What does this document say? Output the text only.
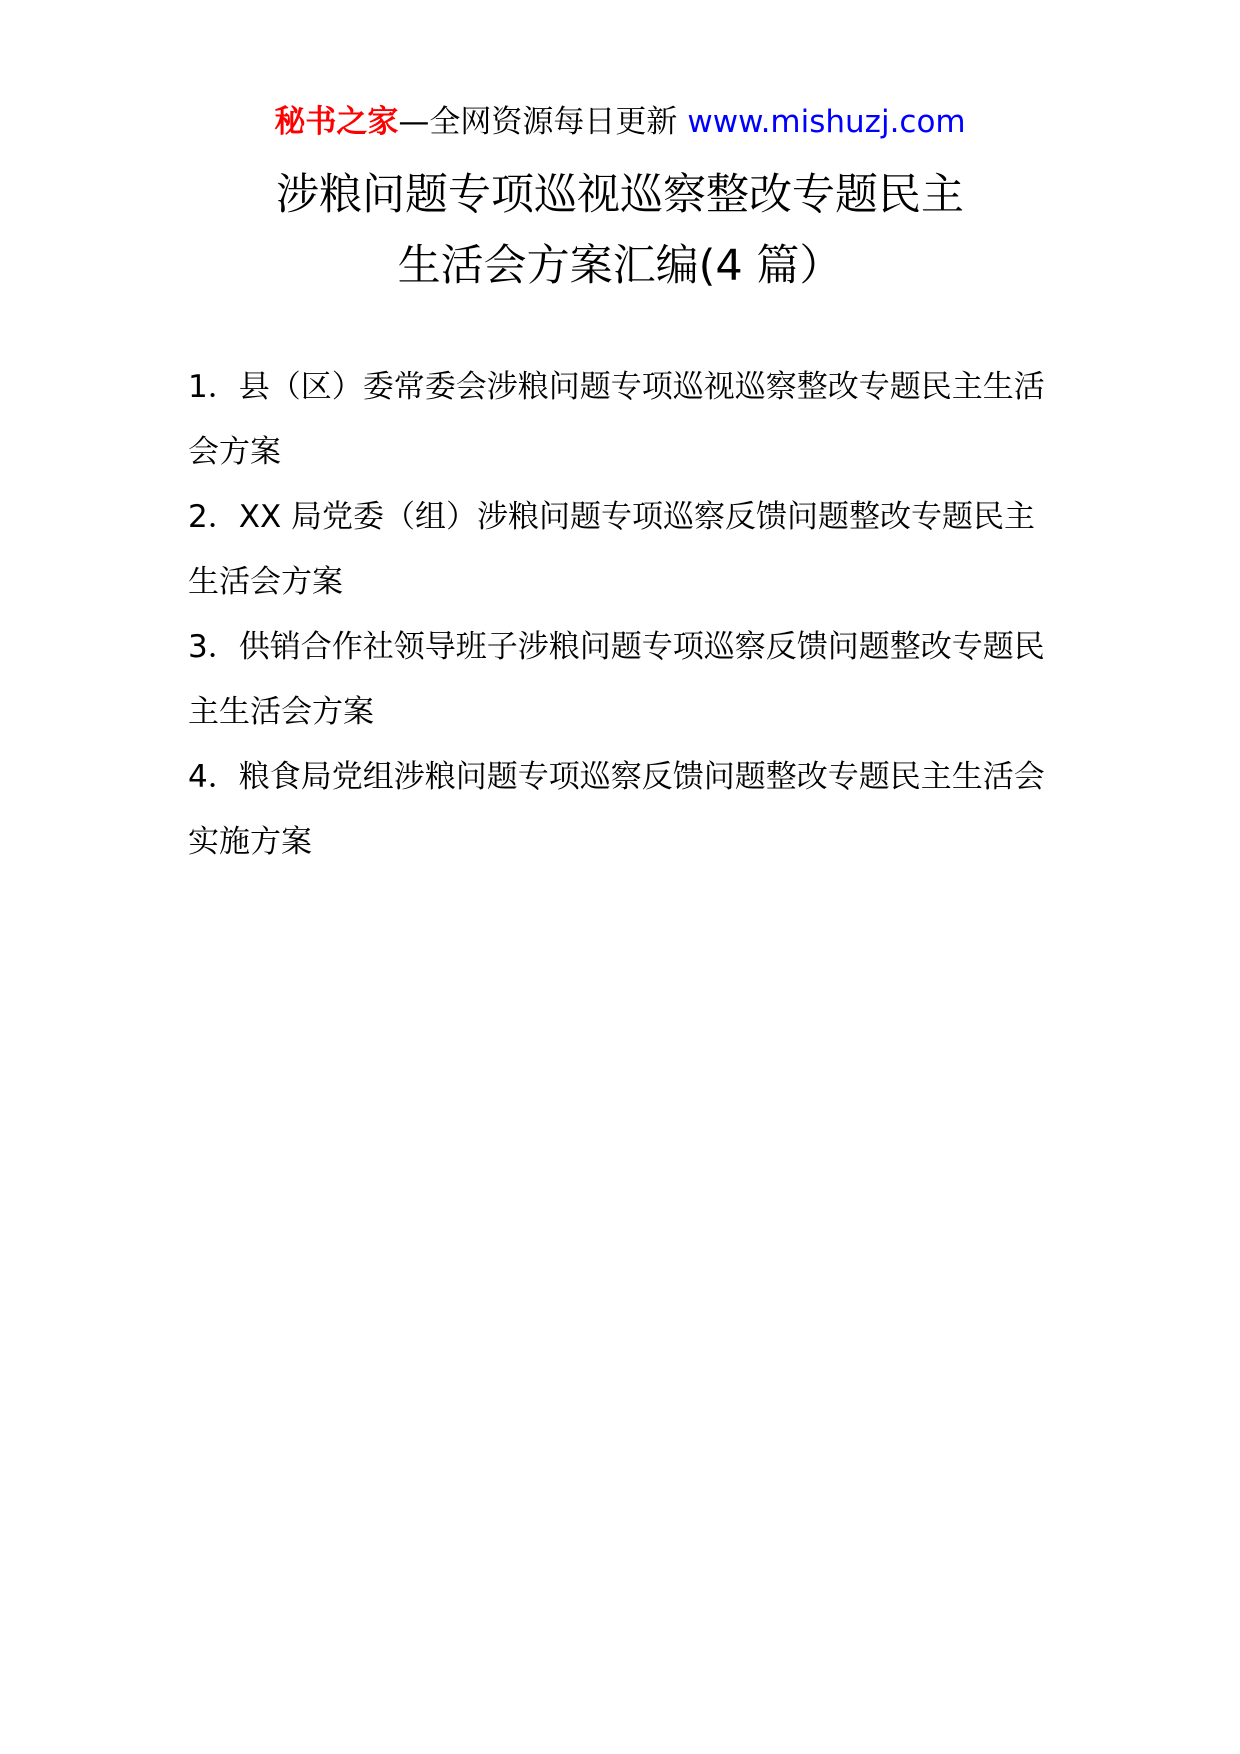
秘书之家—全网资源每日更新 www.mishuzj.com
涉粮问题专项巡视巡察整改专题民主
生活会方案汇编(4 篇）
1．县（区）委常委会涉粮问题专项巡视巡察整改专题民主生活会方案
2．XX 局党委（组）涉粮问题专项巡察反馈问题整改专题民主生活会方案
3．供销合作社领导班子涉粮问题专项巡察反馈问题整改专题民主生活会方案
4．粮食局党组涉粮问题专项巡察反馈问题整改专题民主生活会实施方案
